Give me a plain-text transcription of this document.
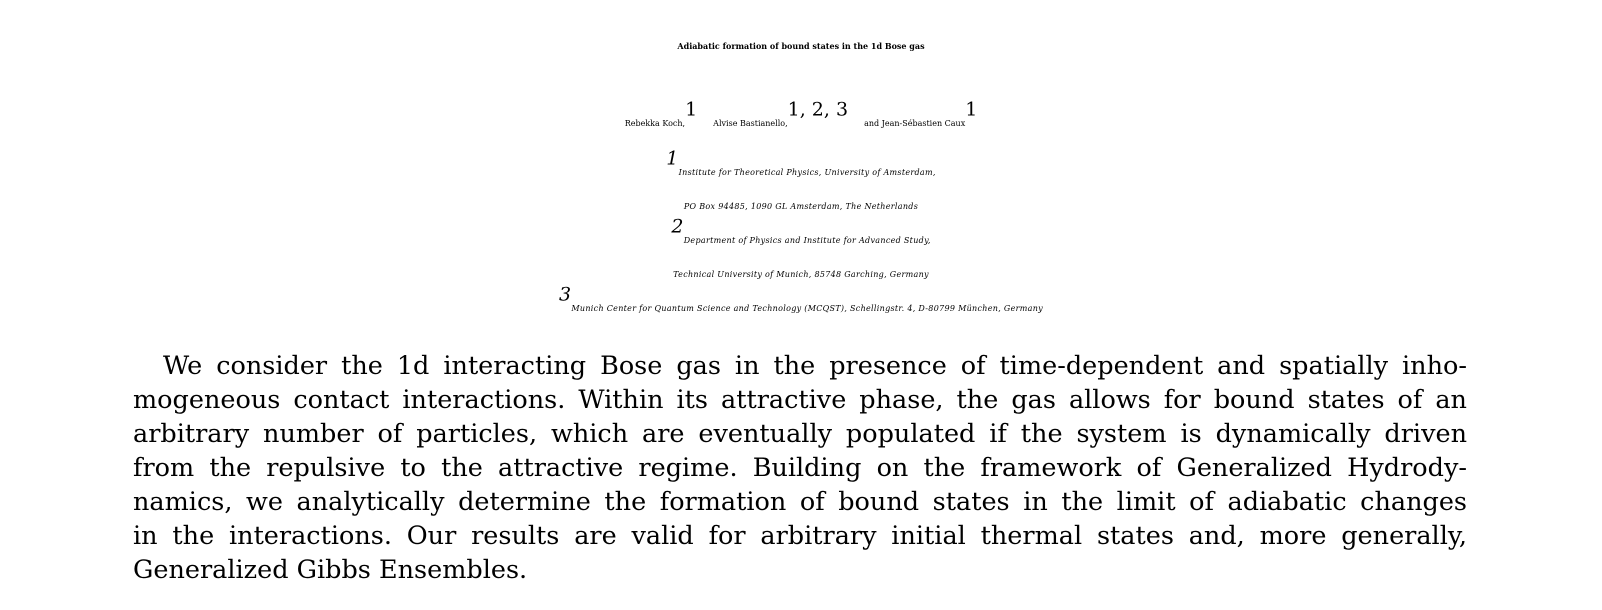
Adiabatic formation of bound states in the 1d Bose gas
Rebekka Koch,$^1$Alvise Bastianello,$^{1, 2, 3}$and Jean-Sébastien Caux$^1$
$^1$Institute for Theoretical Physics, University of Amsterdam,
PO Box 94485, 1090 GL Amsterdam, The Netherlands
$^2$Department of Physics and Institute for Advanced Study,
Technical University of Munich, 85748 Garching, Germany
$^3$Munich Center for Quantum Science and Technology (MCQST), Schellingstr. 4, D-80799 München, Germany
We consider the 1d interacting Bose gas in the presence of time-dependent and spatially inho-
mogeneous contact interactions. Within its attractive phase, the gas allows for bound states of an
arbitrary number of particles, which are eventually populated if the system is dynamically driven
from the repulsive to the attractive regime. Building on the framework of Generalized Hydrody-
namics, we analytically determine the formation of bound states in the limit of adiabatic changes
in the interactions. Our results are valid for arbitrary initial thermal states and, more generally,
Generalized Gibbs Ensembles.
